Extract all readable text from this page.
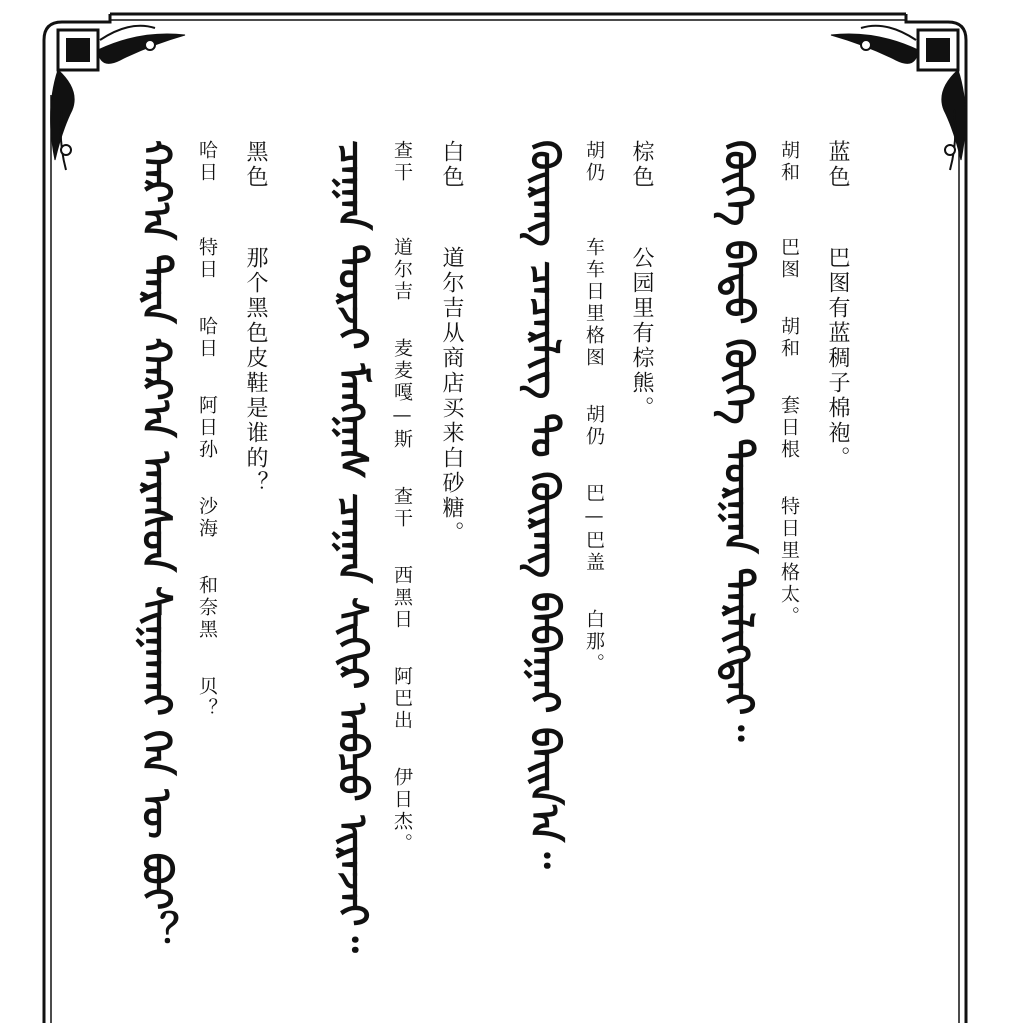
蓝色 巴图有蓝稠子棉袍。
胡和 巴图 胡和 套日根 特日里格太。
ᠬᠥᠬᠡ ᠪᠠᠲᠤ ᠬᠥᠬᠡ ᠲᠣᠷᠭᠠᠨ ᠲᠡᠷᠯᠢᠭᠲᠠᠢ᠃
棕色 公园里有棕熊。
胡仍 车车日里格图 胡仍 巴—巴盖 白那。
ᠬᠦᠷᠡᠩ ᠴᠡᠴᠡᠷᠯᠢᠭ ᠲᠤ ᠬᠦᠷᠡᠩ ᠪᠠᠪᠠᠭᠠᠢ ᠪᠠᠢᠨ᠎ᠠ᠃
白色 道尔吉从商店买来白砂糖。
查干 道尔吉 麦麦嘎—斯 查干 西黑日 阿巴出 伊日杰。
ᠴᠠᠭᠠᠨ ᠳᠣᠷᠵᠢ ᠮᠠᠩᠭᠠᠰ ᠴᠠᠭᠠᠨ ᠰᠢᠬᠢᠷ ᠠᠪᠴᠤ ᠢᠷᠡᠵᠡᠢ᠃
黑色 那个黑色皮鞋是谁的？
哈日 特日 哈日 阿日孙 沙海 和奈黑 贝？
ᠬᠠᠷ᠎ᠠ ᠲᠡᠷᠡ ᠬᠠᠷ᠎ᠠ ᠠᠷᠠᠰᠤᠨ ᠰᠢᠭᠠᠬᠠᠢ ᠬᠡᠨ ᠦ ᠪᠤᠢ？
